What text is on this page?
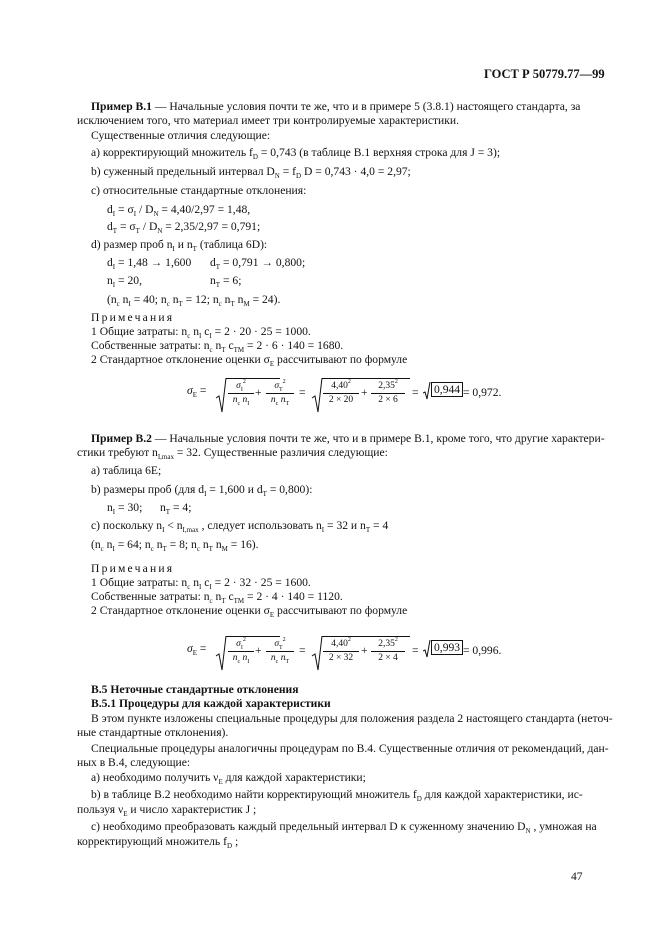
ГОСТ Р 50779.77—99
Пример В.1 — Начальные условия почти те же, что и в примере 5 (3.8.1) настоящего стандарта, за
исключением того, что материал имеет три контролируемые характеристики.
Существенные отличия следующие:
a) корректирующий множитель $f_D = 0,743$ (в таблице В.1 верхняя строка для J = 3);
b) суженный предельный интервал $D_N = f_D$ D = 0,743 · 4,0 = 2,97;
c) относительные стандартные отклонения:
$d_I = \sigma_I / D_N = 4,40/2,97 = 1,48$,
$d_T = \sigma_T / D_N = 2,35/2,97 = 0,791$;
d) размер проб $n_I$ и $n_T$ (таблица 6D):
$d_I = 1,48 \to 1,600$ $d_T = 0,791 \to 0,800$;
$n_I = 20$,	$n_T = 6$;
($n_c$ $n_I = 40$; $n_c$ $n_T = 12$; $n_c$ $n_T$ $n_M = 24$).
Примечания
1 Общие затраты: $n_c$ $n_I$ $c_I = 2 \cdot 20 \cdot 25 = 1000$.
Собственные затраты: $n_c$ $n_T$ $c_{TM} = 2 \cdot 6 \cdot 140 = 1680$.
2 Стандартное отклонение оценки $\sigma_E$ рассчитывают по формуле
$\sigma_E = \frac{\sigma_I^2}{n_c n_I} + \frac{\sigma_T^2}{n_c n_T} = \frac{4,40^2}{2 \times 20} + \frac{2,35^2}{2 \times 6} = 0,944 = 0,972$.
Пример В.2 — Начальные условия почти те же, что и в примере В.1, кроме того, что другие характери-
стики требуют $n_{I,max} = 32$. Существенные различия следующие:
a) таблица 6E;
b) размеры проб (для $d_I = 1,600$ и $d_T = 0,800$):
$n_I = 30$; $n_T = 4$;
c) поскольку $n_I < n_{I,max}$ , следует использовать $n_I = 32$ и $n_T = 4$
($n_c$ $n_I = 64$; $n_c$ $n_T = 8$; $n_c$ $n_T$ $n_M = 16$).
Примечания
1 Общие затраты: $n_c$ $n_I$ $c_I = 2 \cdot 32 \cdot 25 = 1600$.
Собственные затраты: $n_c$ $n_T$ $c_{TM} = 2 \cdot 4 \cdot 140 = 1120$.
2 Стандартное отклонение оценки $\sigma_E$ рассчитывают по формуле
$\sigma_E = \frac{\sigma_I^2}{n_c n_I} + \frac{\sigma_T^2}{n_c n_T} = \frac{4,40^2}{2 \times 32} + \frac{2,35^2}{2 \times 4} = 0,993 = 0,996$.
В.5 Неточные стандартные отклонения
В.5.1 Процедуры для каждой характеристики
В этом пункте изложены специальные процедуры для положения раздела 2 настоящего стандарта (неточ-
ные стандартные отклонения).
Специальные процедуры аналогичны процедурам по В.4. Существенные отличия от рекомендаций, дан-
ных в В.4, следующие:
a) необходимо получить $\nu_E$ для каждой характеристики;
b) в таблице В.2 необходимо найти корректирующий множитель $f_D$ для каждой характеристики, ис-
пользуя $\nu_E$ и число характеристик J ;
c) необходимо преобразовать каждый предельный интервал D к суженному значению $D_N$ , умножая на
корректирующий множитель $f_D$ ;
47
